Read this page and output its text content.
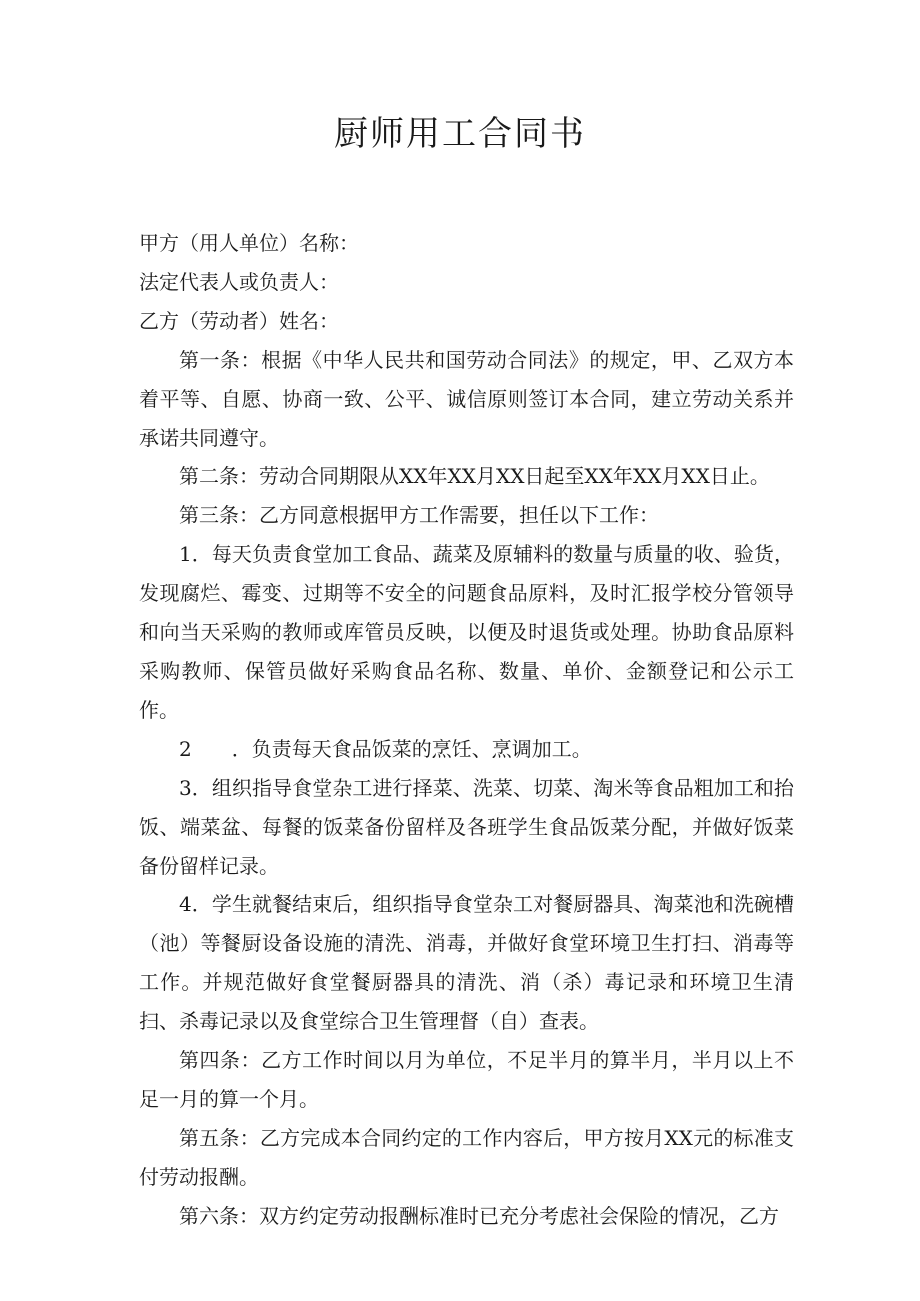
厨师用工合同书

甲方（用人单位）名称：

法定代表人或负责人：

乙方（劳动者）姓名：

第一条：根据《中华人民共和国劳动合同法》的规定，甲、乙双方本着平等、自愿、协商一致、公平、诚信原则签订本合同，建立劳动关系并承诺共同遵守。

第二条：劳动合同期限从XX年XX月XX日起至XX年XX月XX日止。

第三条：乙方同意根据甲方工作需要，担任以下工作：

1．每天负责食堂加工食品、蔬菜及原辅料的数量与质量的收、验货，发现腐烂、霉变、过期等不安全的问题食品原料，及时汇报学校分管领导和向当天采购的教师或库管员反映，以便及时退货或处理。协助食品原料采购教师、保管员做好采购食品名称、数量、单价、金额登记和公示工作。

2　　．负责每天食品饭菜的烹饪、烹调加工。

3．组织指导食堂杂工进行择菜、洗菜、切菜、淘米等食品粗加工和抬饭、端菜盆、每餐的饭菜备份留样及各班学生食品饭菜分配，并做好饭菜备份留样记录。

4．学生就餐结束后，组织指导食堂杂工对餐厨器具、淘菜池和洗碗槽（池）等餐厨设备设施的清洗、消毒，并做好食堂环境卫生打扫、消毒等工作。并规范做好食堂餐厨器具的清洗、消（杀）毒记录和环境卫生清扫、杀毒记录以及食堂综合卫生管理督（自）查表。

第四条：乙方工作时间以月为单位，不足半月的算半月，半月以上不足一月的算一个月。

第五条：乙方完成本合同约定的工作内容后，甲方按月XX元的标准支付劳动报酬。

第六条：双方约定劳动报酬标准时已充分考虑社会保险的情况，乙方
